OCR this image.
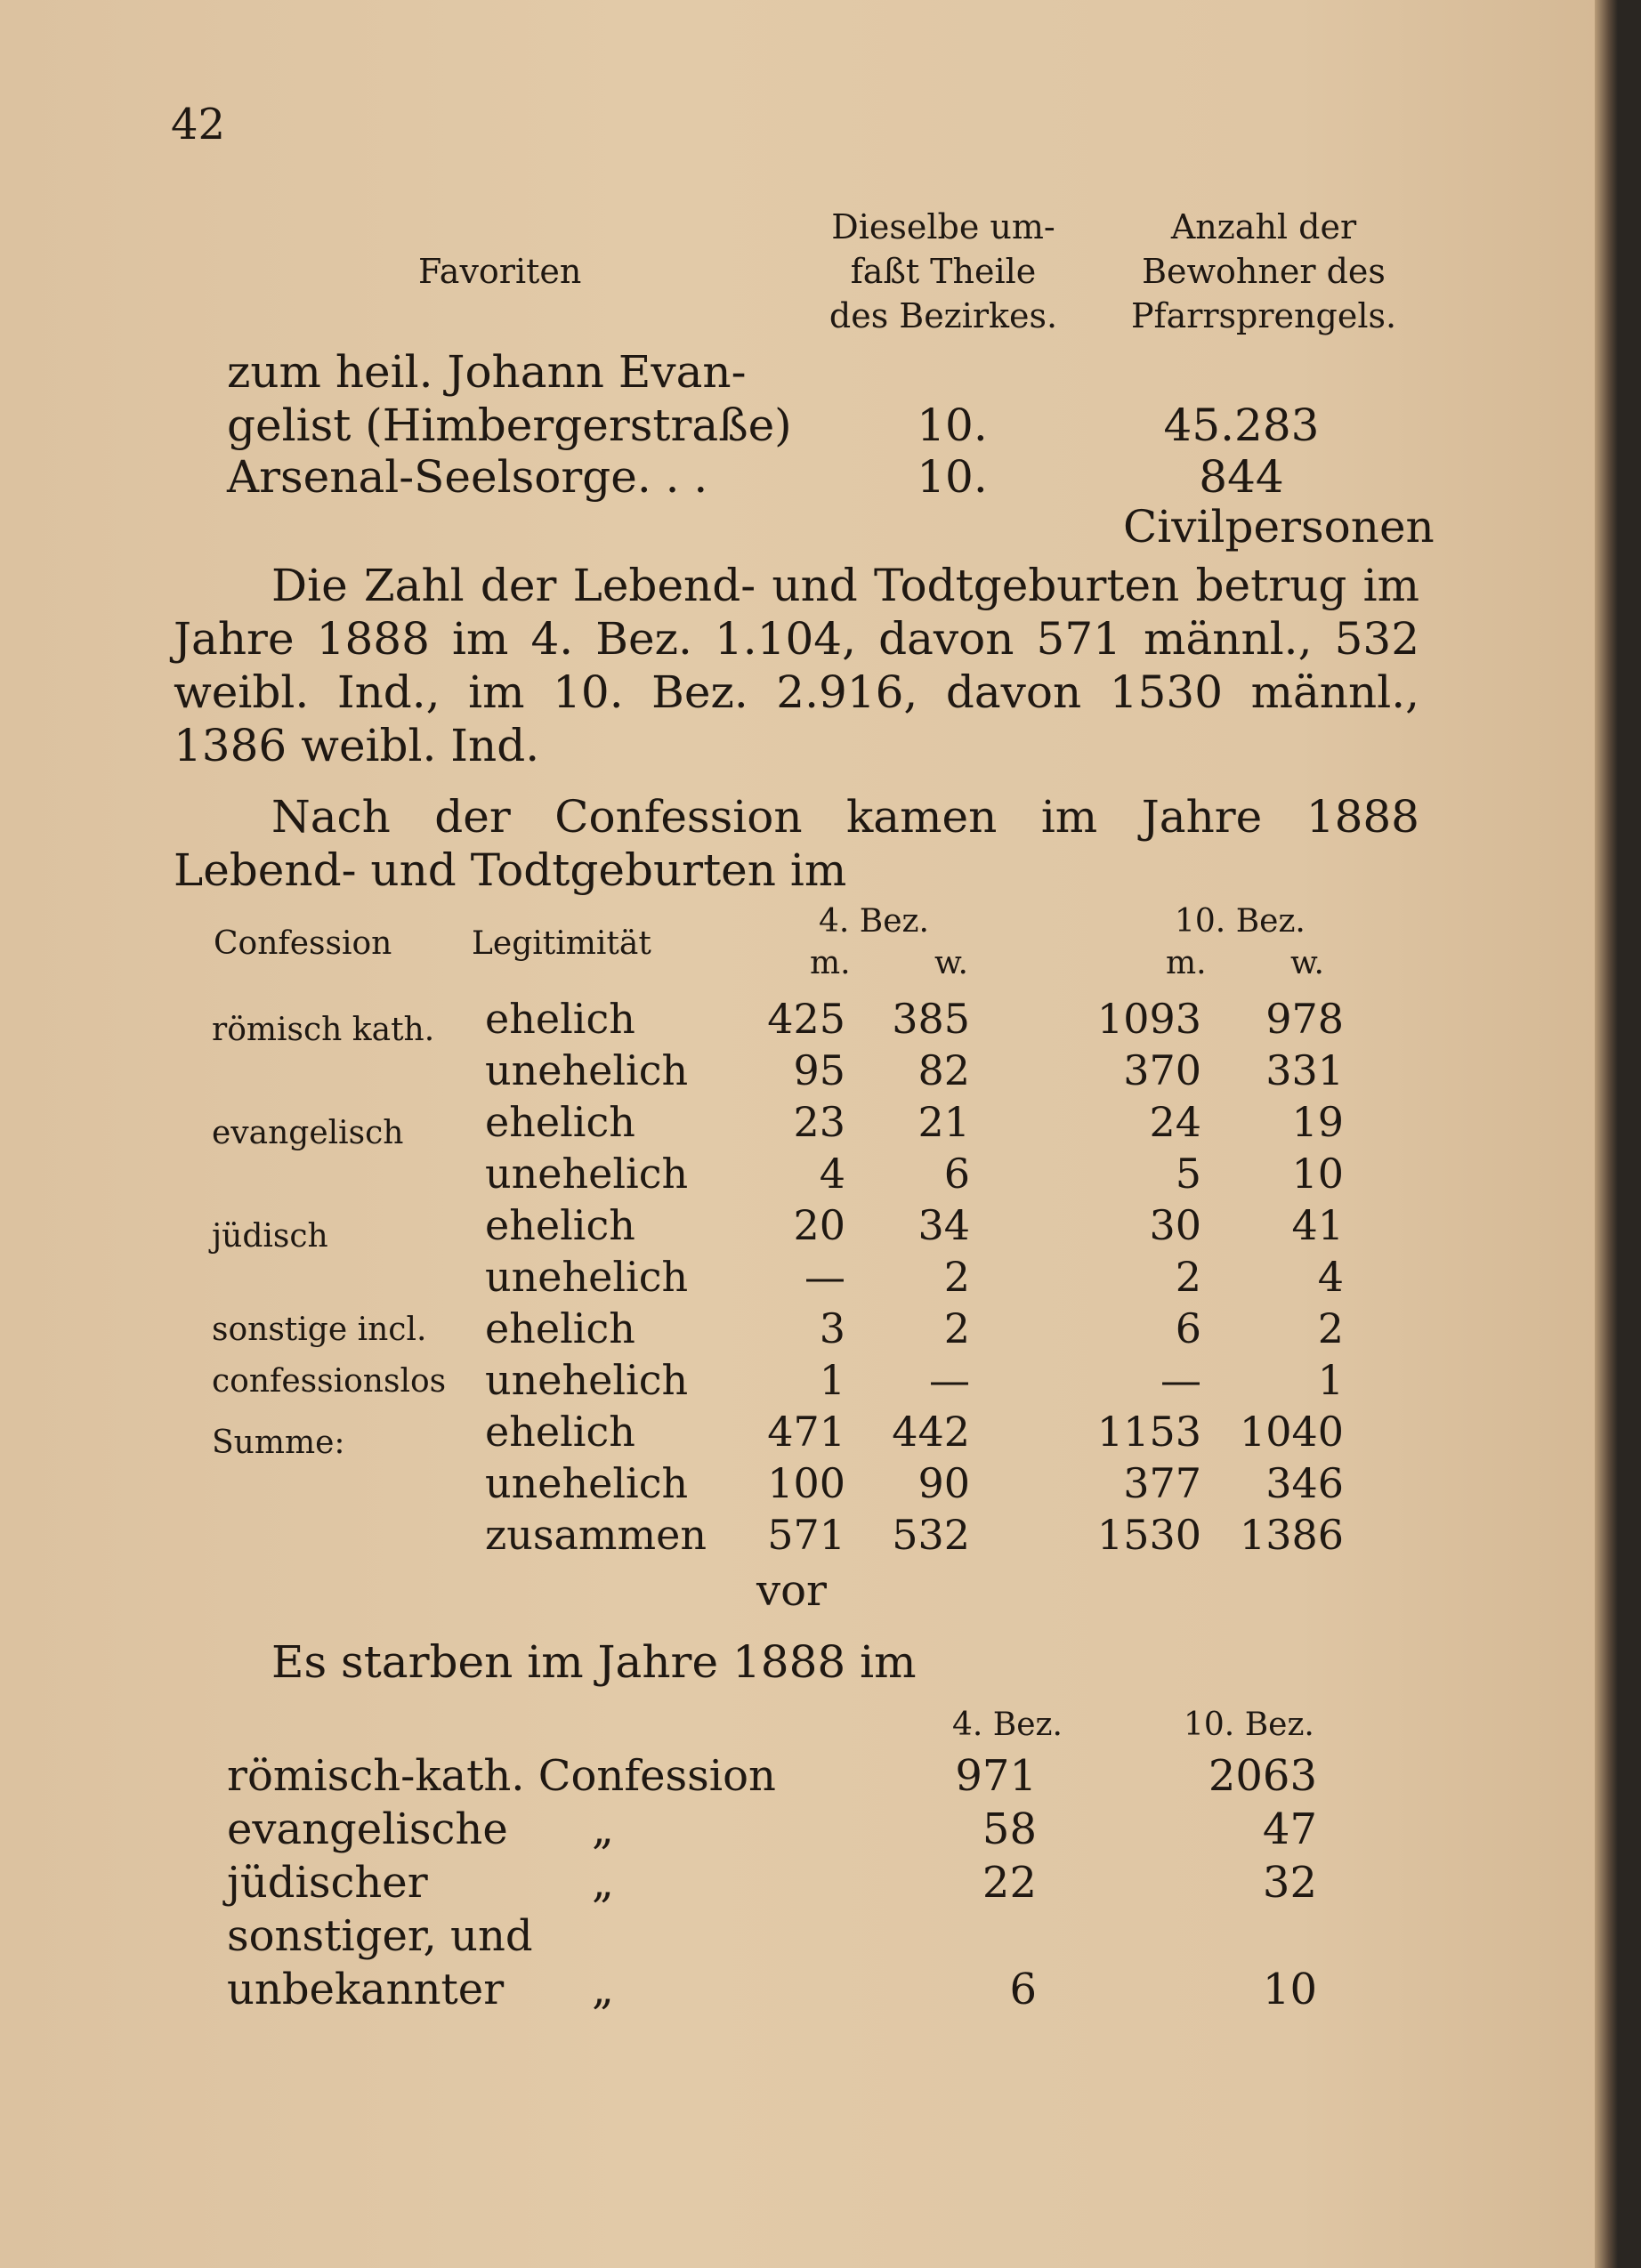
42
Favoriten
Dieselbe um-
faßt Theile
des Bezirkes.
Anzahl der
Bewohner des
Pfarrsprengels.
zum heil. Johann Evan-
gelist (Himbergerstraße)	10.	45.283
Arsenal-Seelsorge. . .	10.	844
Civilpersonen
Die Zahl der Lebend- und Todtgeburten betrug im Jahre 1888 im 4. Bez. 1.104, davon 571 männl., 532 weibl. Ind., im 10. Bez. 2.916, davon 1530 männl., 1386 weibl. Ind.
Nach der Confession kamen im Jahre 1888 Lebend- und Todtgeburten im
Confession Legitimität
4. Bez.	10. Bez.
m.	w.	m.	w.
vor
römisch kath. ehelich	425	385	1093	978
unehelich	95	82	370	331
evangelisch ehelich	23	21	24	19
unehelich	4	6	5	10
jüdisch	ehelich	20	34	30	41
unehelich	—	2	2	4
sonstige incl.
confessionslos
ehelich	3	2	6	2
unehelich	1	—	—	1
Summe:	ehelich	471	442	1153 1040
unehelich	100	90	377	346
zusammen	571	532	1530 1386
Es starben im Jahre 1888 im
4. Bez.	10. Bez.
römisch-kath. Confession	971	2063
evangelische „	58	47
jüdischer	„	22	32
sonstiger, und
unbekannter „	6	10
